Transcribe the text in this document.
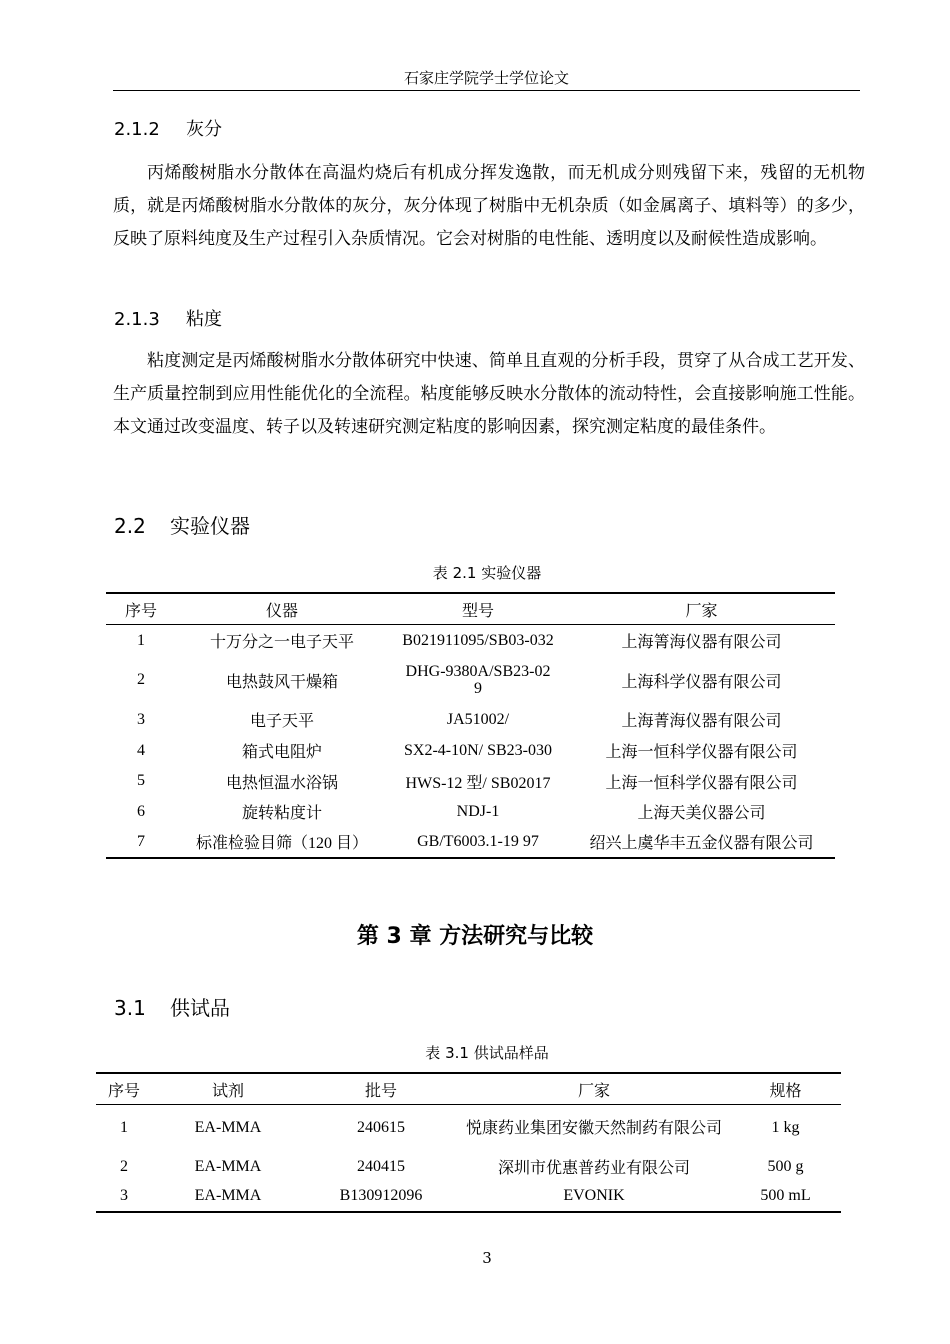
石家庄学院学士学位论文
2.1.2 灰分

丙烯酸树脂水分散体在高温灼烧后有机成分挥发逸散，而无机成分则残留下来，残留的无机物质，就是丙烯酸树脂水分散体的灰分，灰分体现了树脂中无机杂质（如金属离子、填料等）的多少，反映了原料纯度及生产过程引入杂质情况。它会对树脂的电性能、透明度以及耐候性造成影响。

2.1.3 粘度

粘度测定是丙烯酸树脂水分散体研究中快速、简单且直观的分析手段，贯穿了从合成工艺开发、生产质量控制到应用性能优化的全流程。粘度能够反映水分散体的流动特性，会直接影响施工性能。本文通过改变温度、转子以及转速研究测定粘度的影响因素，探究测定粘度的最佳条件。

2.2 实验仪器
表 2.1 实验仪器
序号	仪器	型号	厂家
1	十万分之一电子天平	B021911095/SB03-032	上海箐海仪器有限公司
2	电热鼓风干燥箱	DHG-9380A/SB23-029	上海科学仪器有限公司
3	电子天平	JA51002/	上海菁海仪器有限公司
4	箱式电阻炉	SX2-4-10N/ SB23-030	上海一恒科学仪器有限公司
5	电热恒温水浴锅	HWS-12 型/ SB02017	上海一恒科学仪器有限公司
6	旋转粘度计	NDJ-1	上海天美仪器公司
7	标准检验目筛（120 目）	GB/T6003.1-19 97	绍兴上虞华丰五金仪器有限公司
第 3 章 方法研究与比较
3.1 供试品
表 3.1 供试品样品
序号	试剂	批号	厂家	规格
1	EA-MMA	240615	悦康药业集团安徽天然制药有限公司	1 kg
2	EA-MMA	240415	深圳市优惠普药业有限公司	500 g
3	EA-MMA	B130912096	EVONIK	500 mL
3
